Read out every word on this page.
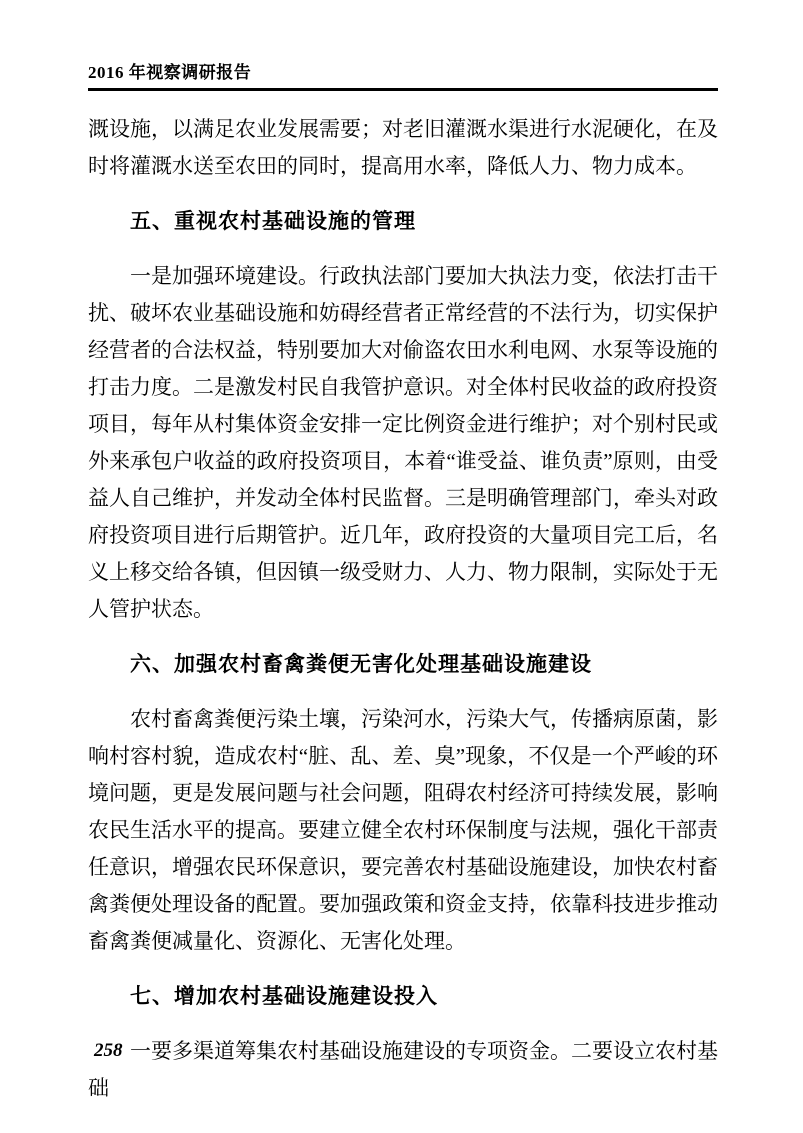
2016 年视察调研报告

溉设施，以满足农业发展需要；对老旧灌溉水渠进行水泥硬化，在及时将灌溉水送至农田的同时，提高用水率，降低人力、物力成本。

五、重视农村基础设施的管理

一是加强环境建设。行政执法部门要加大执法力变，依法打击干扰、破坏农业基础设施和妨碍经营者正常经营的不法行为，切实保护经营者的合法权益，特别要加大对偷盗农田水利电网、水泵等设施的打击力度。二是激发村民自我管护意识。对全体村民收益的政府投资项目，每年从村集体资金安排一定比例资金进行维护；对个别村民或外来承包户收益的政府投资项目，本着“谁受益、谁负责”原则，由受益人自己维护，并发动全体村民监督。三是明确管理部门，牵头对政府投资项目进行后期管护。近几年，政府投资的大量项目完工后，名义上移交给各镇，但因镇一级受财力、人力、物力限制，实际处于无人管护状态。

六、加强农村畜禽粪便无害化处理基础设施建设

农村畜禽粪便污染土壤，污染河水，污染大气，传播病原菌，影响村容村貌，造成农村“脏、乱、差、臭”现象，不仅是一个严峻的环境问题，更是发展问题与社会问题，阻碍农村经济可持续发展，影响农民生活水平的提高。要建立健全农村环保制度与法规，强化干部责任意识，增强农民环保意识，要完善农村基础设施建设，加快农村畜禽粪便处理设备的配置。要加强政策和资金支持，依靠科技进步推动畜禽粪便减量化、资源化、无害化处理。

七、增加农村基础设施建设投入

一要多渠道筹集农村基础设施建设的专项资金。二要设立农村基础

258
